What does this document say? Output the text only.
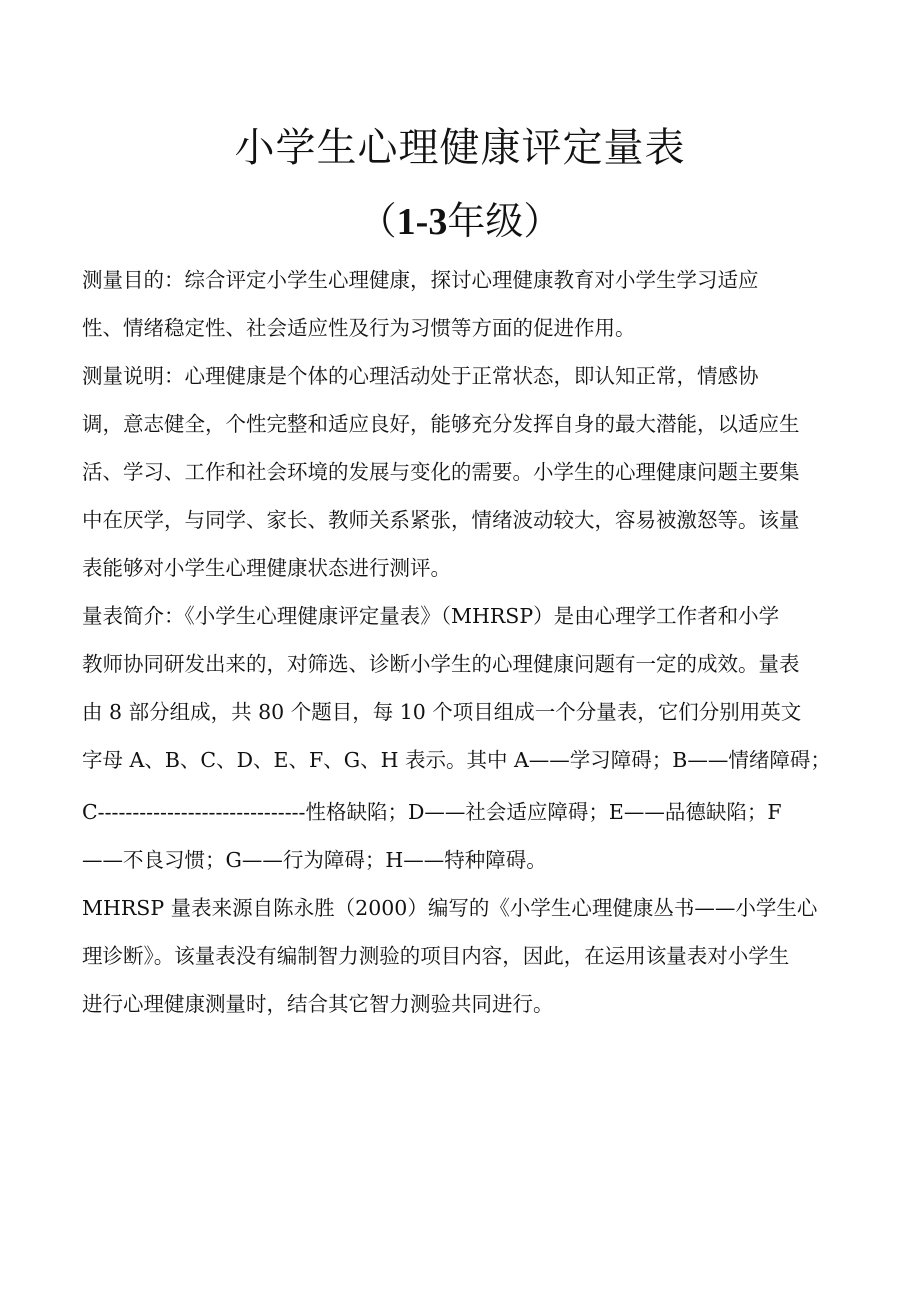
小学生心理健康评定量表
（1-3年级）
测量目的：综合评定小学生心理健康，探讨心理健康教育对小学生学习适应
性、情绪稳定性、社会适应性及行为习惯等方面的促进作用。
测量说明：心理健康是个体的心理活动处于正常状态，即认知正常，情感协
调，意志健全，个性完整和适应良好，能够充分发挥自身的最大潜能，以适应生
活、学习、工作和社会环境的发展与变化的需要。小学生的心理健康问题主要集
中在厌学，与同学、家长、教师关系紧张，情绪波动较大，容易被激怒等。该量
表能够对小学生心理健康状态进行测评。
量表简介：《小学生心理健康评定量表》（MHRSP）是由心理学工作者和小学
教师协同研发出来的，对筛选、诊断小学生的心理健康问题有一定的成效。量表
由 8 部分组成，共 80 个题目，每 10 个项目组成一个分量表，它们分别用英文
字母 A、B、C、D、E、F、G、H 表示。其中 A——学习障碍；B——情绪障碍；
C------------------------------性格缺陷；D——社会适应障碍；E——品德缺陷；F
——不良习惯；G——行为障碍；H——特种障碍。
MHRSP 量表来源自陈永胜（2000）编写的《小学生心理健康丛书——小学生心
理诊断》。该量表没有编制智力测验的项目内容，因此，在运用该量表对小学生
进行心理健康测量时，结合其它智力测验共同进行。
